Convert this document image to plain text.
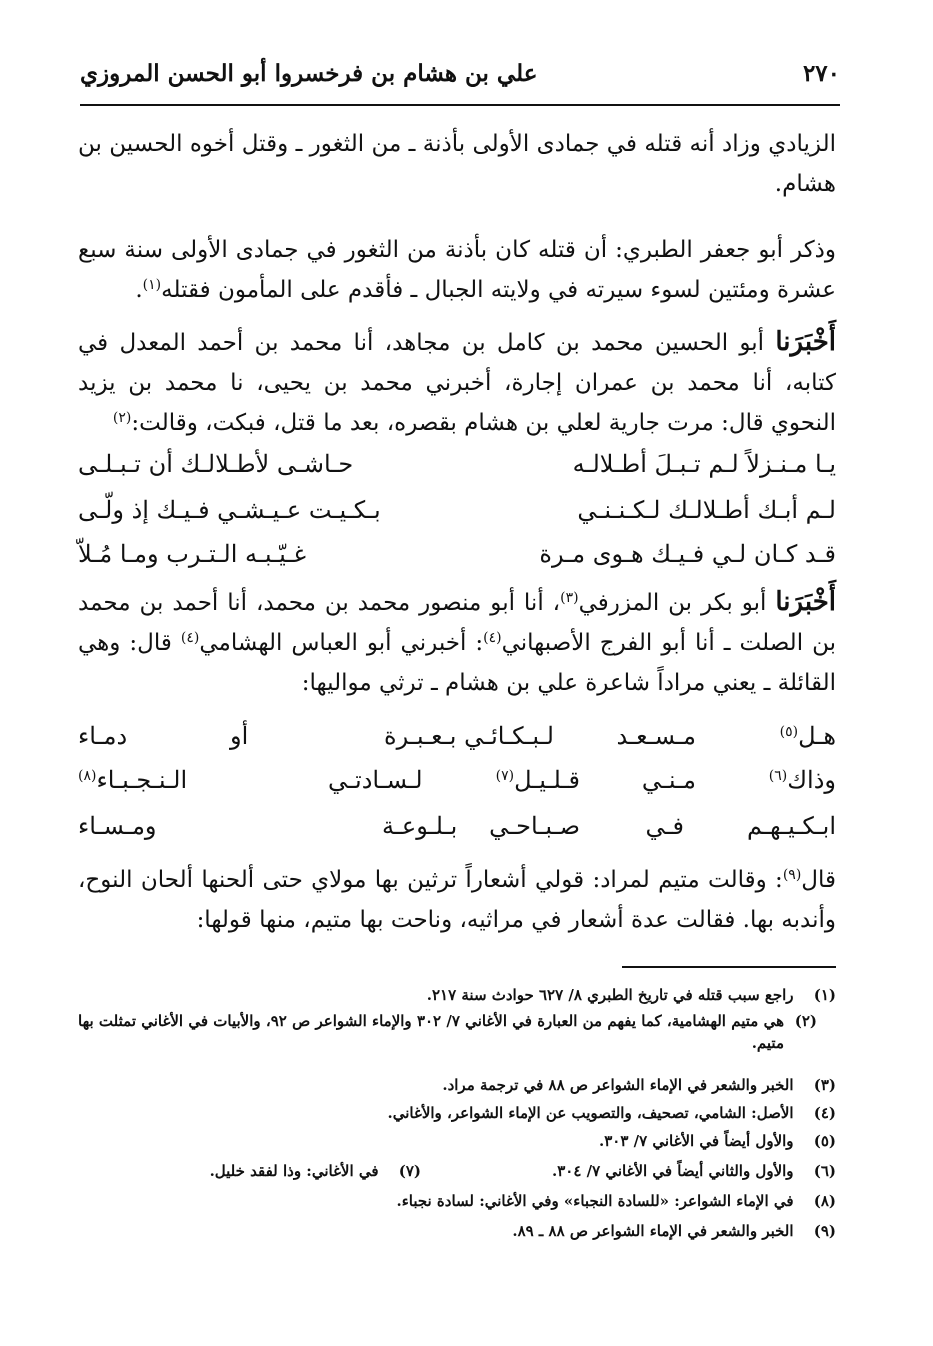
٢٧٠
علي بن هشام بن فرخسروا أبو الحسن المروزي

الزيادي وزاد أنه قتله في جمادى الأولى بأذنة ـ من الثغور ـ وقتل أخوه الحسين بن هشام.

وذكر أبو جعفر الطبري: أن قتله كان بأذنة من الثغور في جمادى الأولى سنة سبع عشرة ومئتين لسوء سيرته في ولايته الجبال ـ فأقدم على المأمون فقتله$^{(١)}$.

أَخْبَرَنا أبو الحسين محمد بن كامل بن مجاهد، أنا محمد بن أحمد المعدل في كتابه، أنا محمد بن عمران إجارة، أخبرني محمد بن يحيى، نا محمد بن يزيد النحوي قال: مرت جارية لعلي بن هشام بقصره، بعد ما قتل، فبكت، وقالت:$^{(٢)}$

يـا مـنـزلاً لـم تـبـلَ أطـلالـه
حـاشـى لأطـلالـك أن تـبـلـى
لـم أبـك أطـلالـك لـكـنـنـي
بـكـيـت عـيـشـي فـيـك إذ ولّـى
قـد كـان لـي فـيـك هـوى مـرة
غـيّـبـه الـتـرب ومـا مُـلاّ

أَخْبَرَنا أبو بكر بن المزرفي$^{(٣)}$، أنا أبو منصور محمد بن محمد، أنا أحمد بن محمد بن الصلت ـ أنا أبو الفرج الأصبهاني$^{(٤)}$: أخبرني أبو العباس الهشامي$^{(٤)}$ قال: وهي القائلة ـ يعني مراداً شاعرة علي بن هشام ـ ترثي مواليها:

هـل$^{(٥)}$
مـسـعـد
لـبـكـائـي
بـعـبـرة
أو
دمـاء
وذاك$^{(٦)}$
مـنـي
قـلـيـل$^{(٧)}$
لـسـادتـي
الـنـجـبـاء$^{(٨)}$
ابـكـيـهـم
فـي
صـبـاحـي
بـلـوعـة
ومـسـاء

قال$^{(٩)}$: وقالت متيم لمراد: قولي أشعاراً ترثين بها مولاي حتى ألحنها ألحان النوح، وأندبه بها. فقالت عدة أشعار في مراثيه، وناحت بها متيم، منها قولها:

(١)  راجع سبب قتله في تاريخ الطبري ٨/ ٦٢٧ حوادث سنة ٢١٧.
(٢)
هي متيم الهشامية، كما يفهم من العبارة في الأغاني ٧/ ٣٠٢ والإماء الشواعر ص ٩٢، والأبيات في الأغاني تمثلت بها متيم.
(٣)  الخبر والشعر في الإماء الشواعر ص ٨٨ في ترجمة مراد.
(٤)  الأصل: الشامي، تصحيف، والتصويب عن الإماء الشواعر، والأغاني.
(٥)  والأول أيضاً في الأغاني ٧/ ٣٠٣.
(٦)  والأول والثاني أيضاً في الأغاني ٧/ ٣٠٤.
(٧)  في الأغاني: وذا لفقد خليل.
(٨)  في الإماء الشواعر: «للسادة النجباء» وفي الأغاني: لسادة نجباء.
(٩)  الخبر والشعر في الإماء الشواعر ص ٨٨ ـ ٨٩.
